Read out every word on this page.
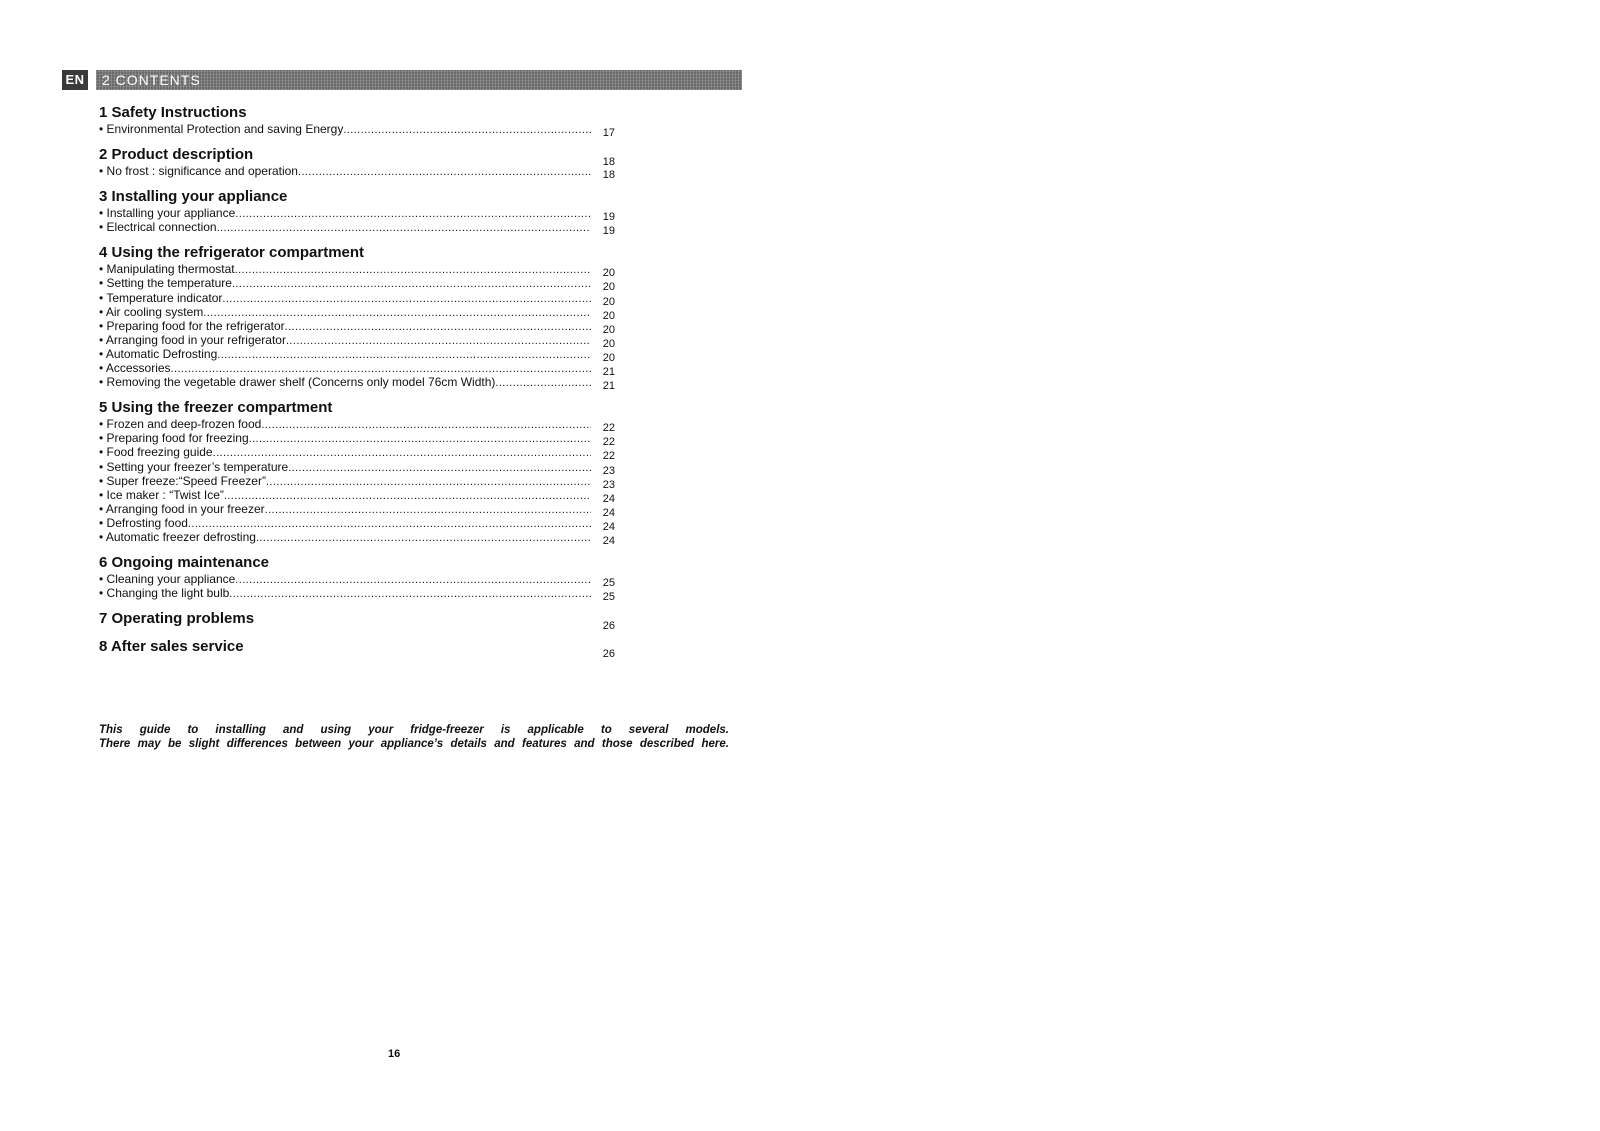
EN 2 CONTENTS
1 Safety Instructions
• Environmental Protection and saving Energy .....	17
2 Product description	18
• No frost : significance and operation .....	18
3 Installing your appliance
• Installing your appliance .....	19
• Electrical connection .....	19
4 Using the refrigerator compartment
• Manipulating thermostat .....	20
• Setting the temperature .....	20
• Temperature indicator .....	20
• Air cooling system .....	20
• Preparing food for the refrigerator .....	20
• Arranging food in your refrigerator .....	20
• Automatic Defrosting .....	20
• Accessories .....	21
• Removing the vegetable drawer shelf (Concerns only model 76cm Width) .....	21
5 Using the freezer compartment
• Frozen and deep-frozen food .....	22
• Preparing food for freezing .....	22
• Food freezing guide .....	22
• Setting your freezer’s temperature .....	23
• Super freeze:“Speed Freezer” .....	23
• Ice maker : “Twist Ice” .....	24
• Arranging food in your freezer .....	24
• Defrosting food .....	24
• Automatic freezer defrosting .....	24
6 Ongoing maintenance
• Cleaning your appliance .....	25
• Changing the light bulb .....	25
7 Operating problems	26
8 After sales service	26

This guide to installing and using your fridge-freezer is applicable to several models.

There may be slight differences between your appliance’s details and features and those described here.

16
